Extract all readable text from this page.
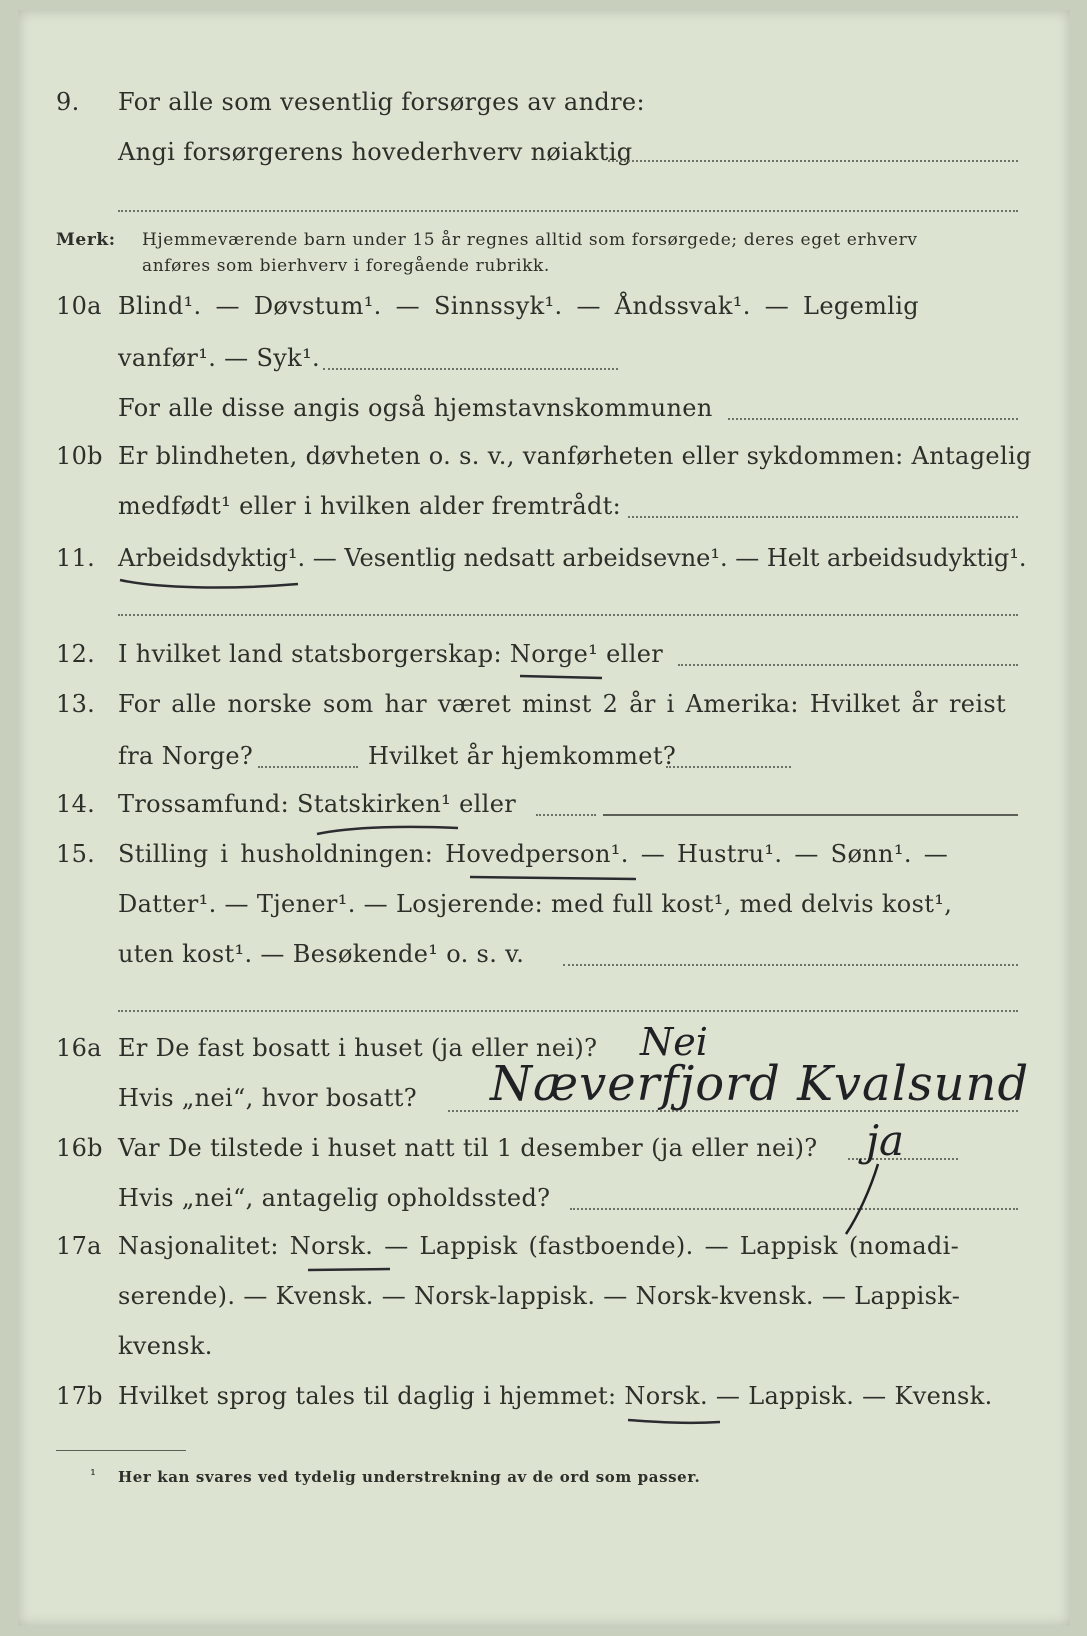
9. For alle som vesentlig forsørges av andre:
Angi forsørgerens hovederhverv nøiaktig
Merk: Hjemmeværende barn under 15 år regnes alltid som forsørgede; deres eget erhverv
anføres som bierhverv i foregående rubrikk.
10a Blind¹. — Døvstum¹. — Sinnssyk¹. — Åndssvak¹. — Legemlig
vanfør¹. — Syk¹.
For alle disse angis også hjemstavnskommunen
10b Er blindheten, døvheten o. s. v., vanførheten eller sykdommen: Antagelig
medfødt¹ eller i hvilken alder fremtrådt:
11. Arbeidsdyktig¹. — Vesentlig nedsatt arbeidsevne¹. — Helt arbeidsudyktig¹.
12. I hvilket land statsborgerskap: Norge¹ eller
13. For alle norske som har været minst 2 år i Amerika: Hvilket år reist
fra Norge?	Hvilket år hjemkommet?
14. Trossamfund: Statskirken¹ eller
15. Stilling i husholdningen: Hovedperson¹. — Hustru¹. — Sønn¹. —
Datter¹. — Tjener¹. — Losjerende: med full kost¹, med delvis kost¹,
uten kost¹. — Besøkende¹ o. s. v.
16a Er De fast bosatt i huset (ja eller nei)? Nei
Hvis „nei“, hvor bosatt? Næverfjord Kvalsund
16b Var De tilstede i huset natt til 1 desember (ja eller nei)? ja
Hvis „nei“, antagelig opholdssted?
17a Nasjonalitet: Norsk. — Lappisk (fastboende). — Lappisk (nomadi-
serende). — Kvensk. — Norsk-lappisk. — Norsk-kvensk. — Lappisk-
kvensk.
17b Hvilket sprog tales til daglig i hjemmet: Norsk. — Lappisk. — Kvensk.
¹ Her kan svares ved tydelig understrekning av de ord som passer.
